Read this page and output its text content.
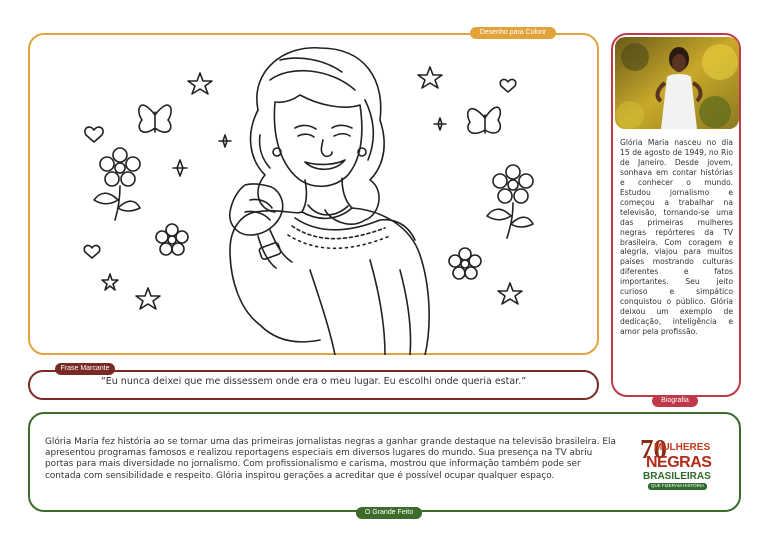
Desenho para Colorir
Frase Marcante
“Eu nunca deixei que me dissessem onde era o meu lugar. Eu escolhi onde queria estar.”
Glória Maria nasceu no dia 15 de agosto de 1949, no Rio de Janeiro. Desde jovem, sonhava em contar histórias e conhecer o mundo. Estudou jornalismo e começou a trabalhar na televisão, tornando-se uma das primeiras mulheres negras repórteres da TV brasileira. Com coragem e alegria, viajou para muitos países mostrando culturas diferentes e fatos importantes. Seu jeito curioso e simpático conquistou o público. Glória deixou um exemplo de dedicação, inteligência e amor pela profissão.
Biografia
Glória Maria fez história ao se tornar uma das primeiras jornalistas negras a ganhar grande destaque na televisão brasileira. Ela apresentou programas famosos e realizou reportagens especiais em diversos lugares do mundo. Sua presença na TV abriu portas para mais diversidade no jornalismo. Com profissionalismo e carisma, mostrou que informação também pode ser contada com sensibilidade e respeito. Glória inspirou gerações a acreditar que é possível ocupar qualquer espaço.
O Grande Feito
70
MULHERES
NEGRAS
BRASILEIRAS
QUE FIZERAM HISTÓRIA
